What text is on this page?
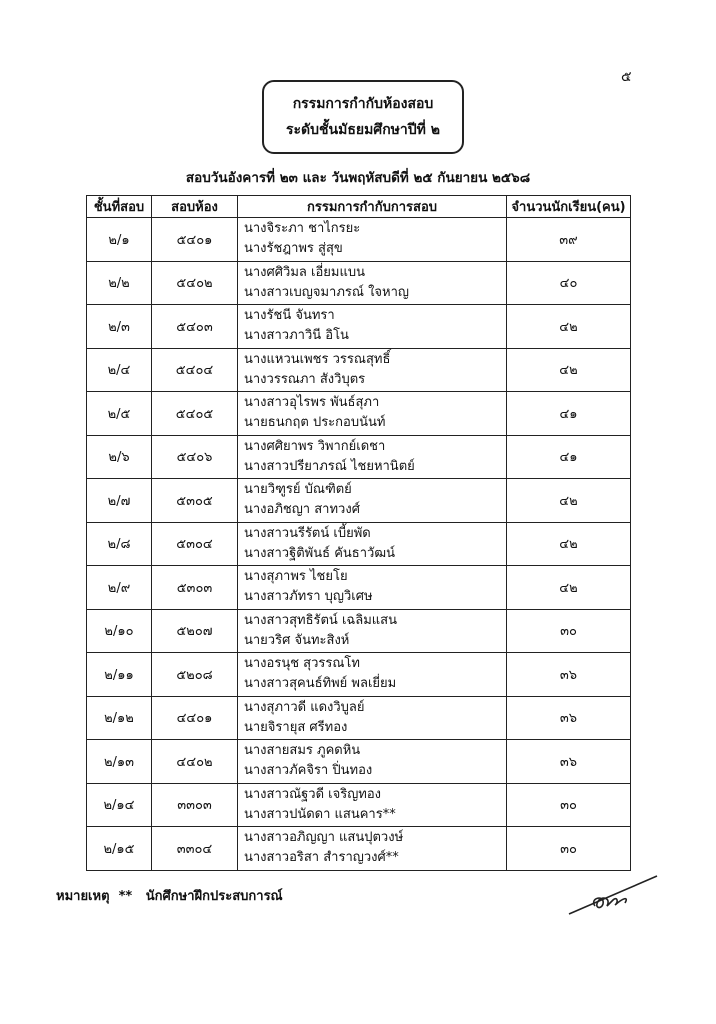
๕
กรรมการกำกับห้องสอบ
ระดับชั้นมัธยมศึกษาปีที่ ๒
สอบวันอังคารที่ ๒๓ และ วันพฤหัสบดีที่ ๒๕ กันยายน ๒๕๖๘
ชั้นที่สอบ	สอบห้อง	กรรมการกำกับการสอบ	จำนวนนักเรียน(คน)
๒/๑	๕๔๐๑	นางจิระภา ชาไกรยะ
นางรัชฎาพร สู่สุข	๓๙
๒/๒	๕๔๐๒	นางศศิวิมล เอี่ยมแบน
นางสาวเบญจมาภรณ์ ใจหาญ	๔๐
๒/๓	๕๔๐๓	นางรัชนี จันทรา
นางสาวภาวินี อิโน	๔๒
๒/๔	๕๔๐๔	นางแหวนเพชร วรรณสุทธิ์
นางวรรณภา สังวิบุตร	๔๒
๒/๕	๕๔๐๕	นางสาวอุไรพร พันธ์สุภา
นายธนกฤต ประกอบนันท์	๔๑
๒/๖	๕๔๐๖	นางศศิยาพร วิพากย์เดชา
นางสาวปรียาภรณ์ ไชยหานิตย์	๔๑
๒/๗	๕๓๐๕	นายวิฑูรย์ บัณฑิตย์
นางอภิชญา สาทวงศ์	๔๒
๒/๘	๕๓๐๔	นางสาวนรีรัตน์ เบี้ยพัด
นางสาวฐิติพันธ์ คันธาวัฒน์	๔๒
๒/๙	๕๓๐๓	นางสุภาพร ไชยโย
นางสาวภัทรา บุญวิเศษ	๔๒
๒/๑๐	๕๒๐๗	นางสาวสุทธิรัตน์ เฉลิมแสน
นายวริศ จันทะสิงห์	๓๐
๒/๑๑	๕๒๐๘	นางอรนุช สุวรรณโท
นางสาวสุคนธ์ทิพย์ พลเยี่ยม	๓๖
๒/๑๒	๔๔๐๑	นางสุภาวดี แดงวิบูลย์
นายจิรายุส ศรีทอง	๓๖
๒/๑๓	๔๔๐๒	นางสายสมร ภูคดหิน
นางสาวภัคจิรา ปิ่นทอง	๓๖
๒/๑๔	๓๓๐๓	นางสาวณัฐวดี เจริญทอง
นางสาวปนัดดา แสนคาร**	๓๐
๒/๑๕	๓๓๐๔	นางสาวอภิญญา แสนปุตวงษ์
นางสาวอริสา สำราญวงศ์**	๓๐
หมายเหตุ ** นักศึกษาฝึกประสบการณ์
